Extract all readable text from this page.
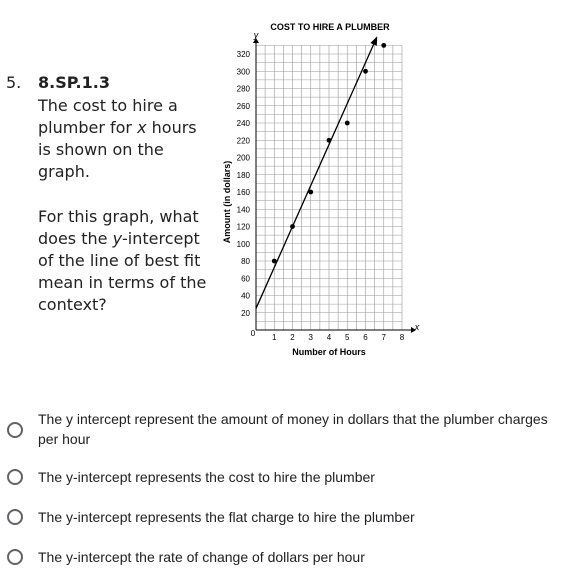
5. 8.SP.1.3
The cost to hire a plumber for x hours is shown on the graph.
For this graph, what does the y-intercept of the line of best fit mean in terms of the context?	20
40
60
80
100
120
140
160
180
200
220
240
260
280
300
320
1 2 3 4 5 6 7 8
COST TO HIRE A PLUMBER
y
x
0
Number of Hours
Amount (in dollars)
The y intercept represent the amount of money in dollars that the plumber charges per hour
The y-intercept represents the cost to hire the plumber
The y-intercept represents the flat charge to hire the plumber
The y-intercept the rate of change of dollars per hour
